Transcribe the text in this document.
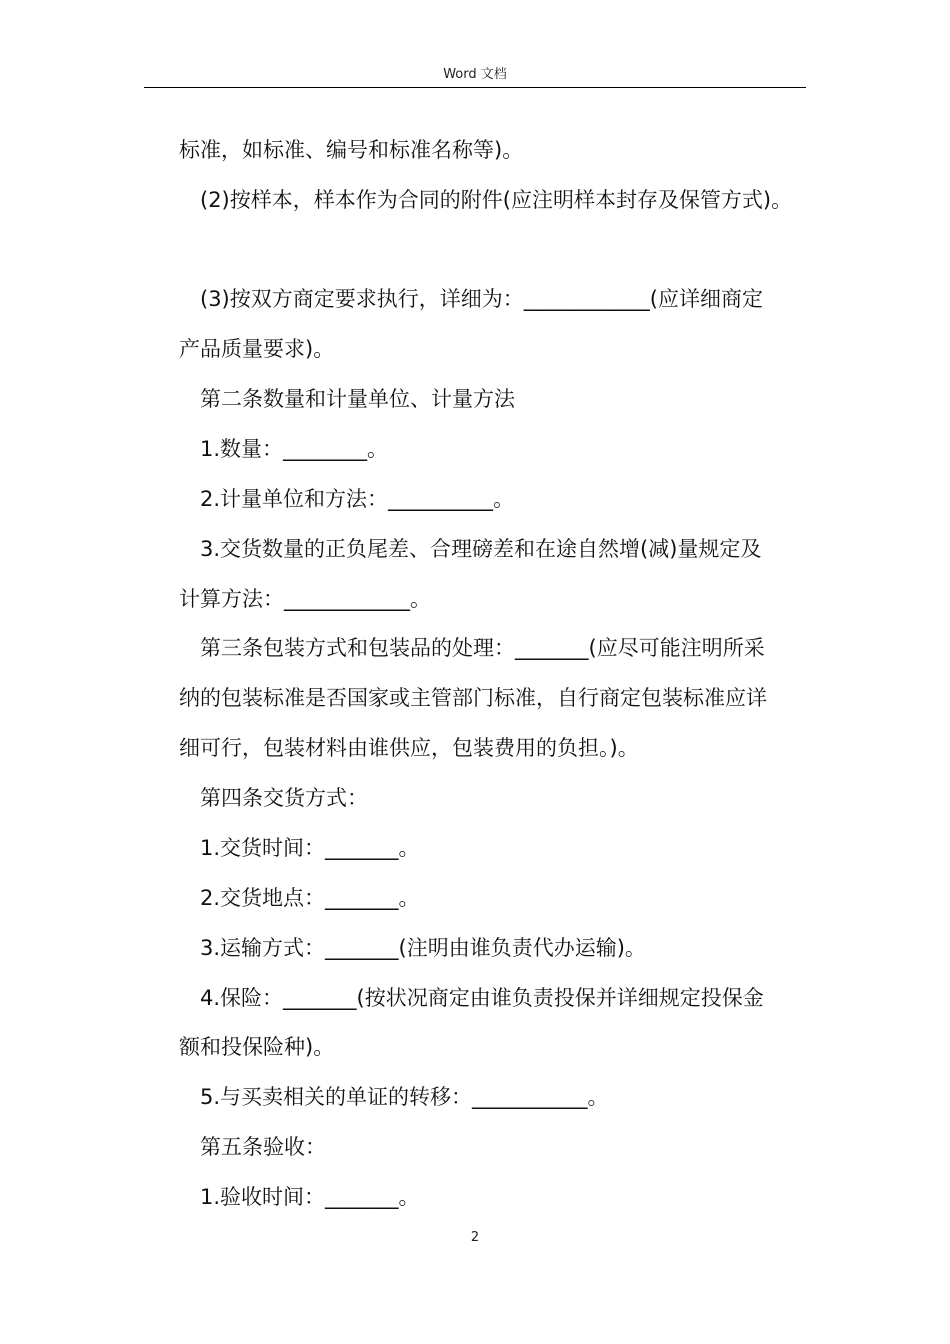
Word 文档
标准，如标准、编号和标准名称等)。
(2)按样本，样本作为合同的附件(应注明样本封存及保管方式)。
(3)按双方商定要求执行，详细为：____________(应详细商定
产品质量要求)。
第二条数量和计量单位、计量方法
1.数量：________。
2.计量单位和方法：__________。
3.交货数量的正负尾差、合理磅差和在途自然增(减)量规定及
计算方法：____________。
第三条包装方式和包装品的处理：_______(应尽可能注明所采
纳的包装标准是否国家或主管部门标准，自行商定包装标准应详
细可行，包装材料由谁供应，包装费用的负担。)。
第四条交货方式：
1.交货时间：_______。
2.交货地点：_______。
3.运输方式：_______(注明由谁负责代办运输)。
4.保险：_______(按状况商定由谁负责投保并详细规定投保金
额和投保险种)。
5.与买卖相关的单证的转移：___________。
第五条验收：
1.验收时间：_______。
2
